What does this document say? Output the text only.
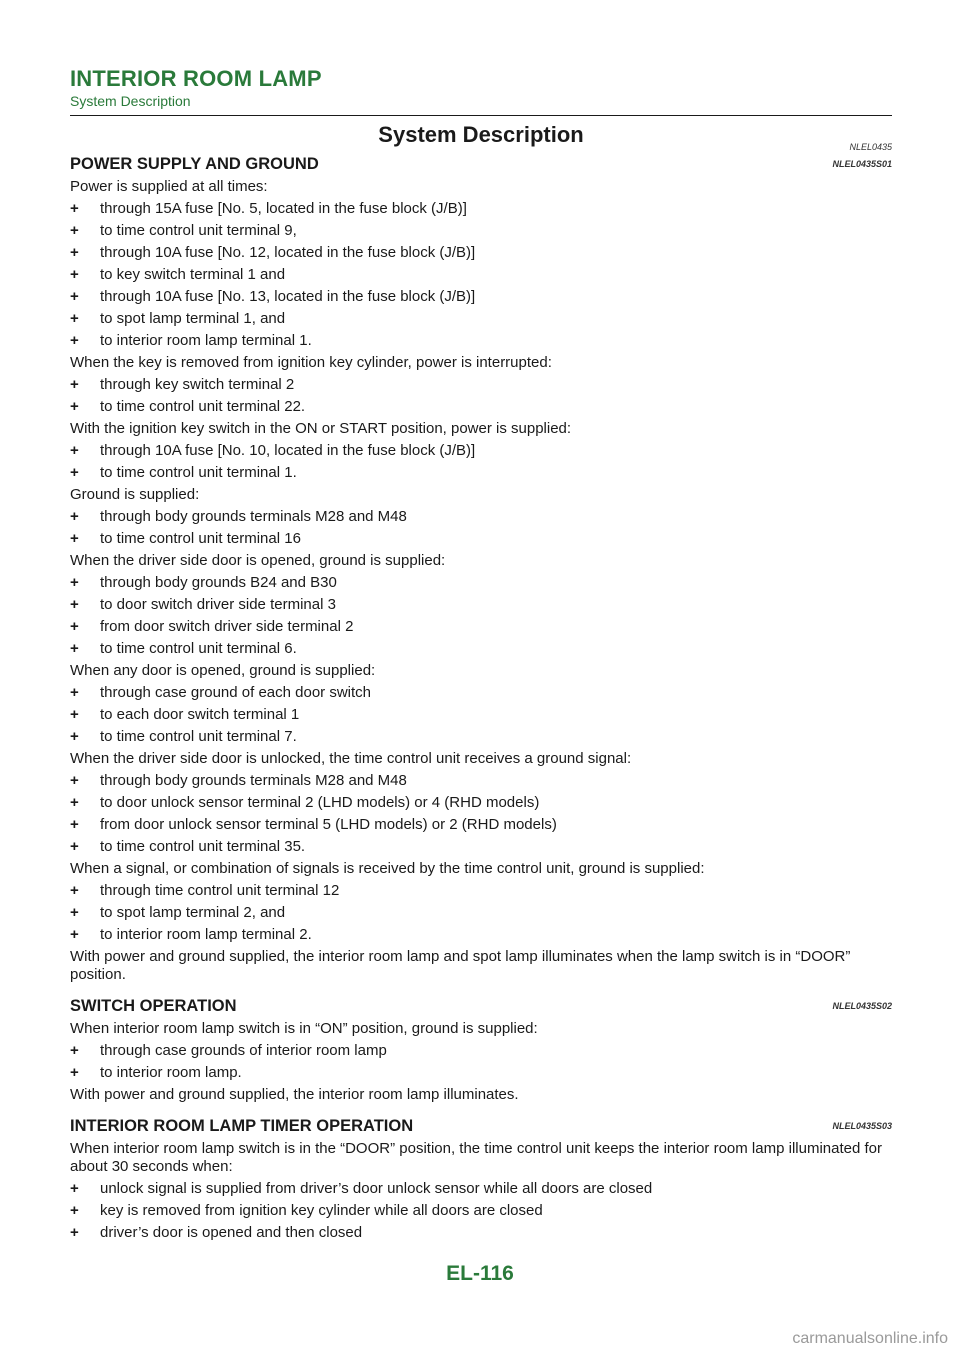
INTERIOR ROOM LAMP
System Description
System Description	NLEL0435
POWER SUPPLY AND GROUND	NLEL0435S01
Power is supplied at all times:
+ through 15A fuse [No. 5, located in the fuse block (J/B)]
+ to time control unit terminal 9,
+ through 10A fuse [No. 12, located in the fuse block (J/B)]
+ to key switch terminal 1 and
+ through 10A fuse [No. 13, located in the fuse block (J/B)]
+ to spot lamp terminal 1, and
+ to interior room lamp terminal 1.
When the key is removed from ignition key cylinder, power is interrupted:
+ through key switch terminal 2
+ to time control unit terminal 22.
With the ignition key switch in the ON or START position, power is supplied:
+ through 10A fuse [No. 10, located in the fuse block (J/B)]
+ to time control unit terminal 1.
Ground is supplied:
+ through body grounds terminals M28 and M48
+ to time control unit terminal 16
When the driver side door is opened, ground is supplied:
+ through body grounds B24 and B30
+ to door switch driver side terminal 3
+ from door switch driver side terminal 2
+ to time control unit terminal 6.
When any door is opened, ground is supplied:
+ through case ground of each door switch
+ to each door switch terminal 1
+ to time control unit terminal 7.
When the driver side door is unlocked, the time control unit receives a ground signal:
+ through body grounds terminals M28 and M48
+ to door unlock sensor terminal 2 (LHD models) or 4 (RHD models)
+ from door unlock sensor terminal 5 (LHD models) or 2 (RHD models)
+ to time control unit terminal 35.
When a signal, or combination of signals is received by the time control unit, ground is supplied:
+ through time control unit terminal 12
+ to spot lamp terminal 2, and
+ to interior room lamp terminal 2.
With power and ground supplied, the interior room lamp and spot lamp illuminates when the lamp switch is in “DOOR” position.
SWITCH OPERATION	NLEL0435S02
When interior room lamp switch is in “ON” position, ground is supplied:
+ through case grounds of interior room lamp
+ to interior room lamp.
With power and ground supplied, the interior room lamp illuminates.
INTERIOR ROOM LAMP TIMER OPERATION	NLEL0435S03
When interior room lamp switch is in the “DOOR” position, the time control unit keeps the interior room lamp illuminated for about 30 seconds when:
+ unlock signal is supplied from driver’s door unlock sensor while all doors are closed
+ key is removed from ignition key cylinder while all doors are closed
+ driver’s door is opened and then closed
EL-116
carmanualsonline.info
